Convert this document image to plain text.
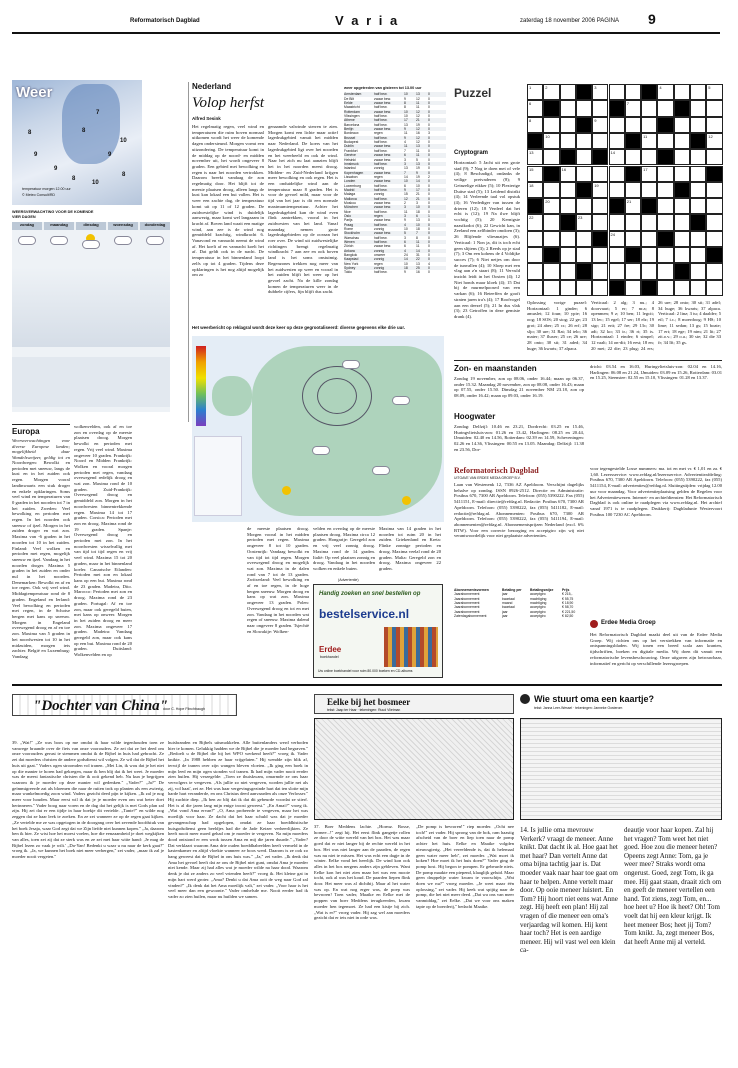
Reformatorisch Dagblad	V a r i a	zaterdag 18 november 2006 PAGINA 9
Weer
7
8	8
9
9
9
10
8
10
8
temperatuur morgen 12.00 uur
© Meteo Consult/RD
WEERSVERWACHTING VOOR DE KOMENDE VIER DAGEN
zondag	maandag	dinsdag	woensdag	donderdag
Nederland
Volop herfst
Alfred Sesink
Het regelmatig regen, veel wind en temperaturen die ruim boven normaal uitkomen wordt het weer de komende dagen ondersteund. Morgen vormt een uitzondering. De temperatuur komt in de middag op de noord- en midden november uit, het wordt ongeveer 8 graden. Een gebied met bewolking en regen is naar het noorden vertrokken. Daarom breekt vandaag de zon regelmatig door. Het blijft tot de meeste plaatsen droog, alleen langs de kust kan lokaal een bui vallen. Het is weer een zachte dag, de temperatuur komt uit op 11 of 12 graden. De zuidwestelijke wind is duidelijk aanwezig, maar komt wel langzaam in kracht af. Boven land waait een matige wind, aan zee is de wind nog gemiddeld krachtig, windkracht 6. Vanavond en vannacht neemt de wind af. Het koelt af en vannacht koelt het af. Dat geldt ook in de nacht. De temperatuur in het binnenland loopt zelfs op tot 4 graden. Tijdens deze opklaringen is het nog altijd mogelijk om zo
genaamde valwinde sterren te zien. Morgen komt een lichte maar actief lagedrukgebied vanuit het midden naar Nederland. De koers van het lagedrukgebied ligt over het noorden en het weerbeeld en ook de wind. Naar het zich nu laat aanzien blijft het in het noorden meest droog. Midden- en Zuid-Nederland krijgen meer bewolking en ook regen. Het is een onduidelijke wind aan de temperatuur maar 8 graden. Het is voor de gevoel mild, maar voor de tijd van het jaar is dit een normale maximumtemperatuur. Achter het lagedrukgebied kan de wind even flink aantrekken, vooral in het zuidwesten van het land. Vanaf maandag nemen grote lagedrukgebieden op de oceaan het roer over. De wind uit zuidwestelijke richtingen brengt regelmatig windkracht 7 aan zee en ook boven land is het soms onstuimig. Regenzones trekken nog meer van het zuidwesten op weer en vooral in het zuiden blijft het weer op het gevoel zacht. Na de kille zondag komen de temperaturen weer in de dubbele cijfers, fijn blijft dus zacht.
weer opgetreden van gisteren tot 13.00 uur
Amsterdam	half bew.	10	13	0
De Bilt	zwaar bew.	9	12	0
Eelde	zwaar bew.	8	11	0
Maastricht	half bew.	8	11	0
Rotterdam	zwaar bew.	10	12	0
Vlissingen	half bew.	10	12	0
Athene	half bew.	17	21	0
Barcelona	half bew.	13	19	0
Berlijn	zwaar bew.	9	12	0
Bordeaux	regen	11	16	3
Brussel	half bew.	9	12	0
Budapest	half bew.	4	12	0
Dublin	zwaar bew.	11	13	0
Frankfort	half bew.	7	11	0
Genève	zwaar bew.	6	11	0
Helsinki	zwaar bew.	3	5	0
Innsbruck	half bew.	3	13	0
Istanbul	zonnig	13	19	0
Kopenhagen	zwaar bew.	7	9	0
Lissabon	regen	14	19	2
Londen	zwaar bew.	10	14	0
Luxemburg	half bew.	6	10	0
Madrid	half bew.	9	17	0
Malaga	zonnig	15	21	0
Mallorca	half bew.	12	21	0
Moskou	zwaar bew.	2	3	0
München	zwaar bew.	3	10	0
Nice	half bew.	11	18	0
Oslo	regen	3	6	1
Parijs	zwaar bew.	9	13	0
Praag	half bew.	4	10	0
Rome	zonnig	10	18	0
Stockholm	zwaar bew.	5	7	0
Warschau	half bew.	3	8	0
Wenen	half bew.	6	11	0
Zürich	zwaar bew.	6	11	0
Ankara	zonnig	4	14	0
Bangkok	onweer	24	31	0
Kaapstad	zonnig	14	22	0
New York	regen	10	13	4
Sydney	zonnig	18	25	0
Tokio	half bew.	9	16	0
Het weerbericht op reklagral wordt deze keer op deze gegrootaliseerd: diverse gegevens elke drie uur.
Europa
Weersverwachtingen voor diverse Europese landen; mogelijkheid daar Wandelsweijzer, geldig tot en
Noordwegen: Bewolkt en perioden met sneeuw, langs de kust en in het zuiden ook regen. Morgen vooral landinwaarts een stuk droger en enkele opklaringen. Soms veel wind en temperaturen van 0 graden in het noorden tot 7 in het zuiden. Zweden: Veel bewolking en perioden met regen. In het noorden ook sneeuw of ijzel. Morgen in het zuiden droger en wat zon. Maxima van -6 graden in het noorden tot 10 in het zuiden. Finland: Veel wolken en perioden met regen, mogelijk sneeuw en ijzel. Vandaag in het noorden droger. Maxima 5 graden in het zuiden en onder nul in het noorden. Denemarken: Bewolkt en af en toe regen. Ook vrij veel wind. Middagtemperatuur rond de 8 graden. Engeland en Ierland: Veel bewolking en perioden met regen, in de Schotse bergen met kans op sneeuw. Morgen in Engeland overwegend droog en af en toe zon. Maxima van 5 graden in het noordwesten tot 10 in het midzuiden, morgen iets zachter. België en Luxemburg: Vandaag
wolkenvelden, ook af en toe zon en overdag op de meeste plaatsen droog. Morgen bewolkt en perioden met regen. Vrij veel wind. Maxima ongeveer 10 graden. Frankrijk: Noord en Midden Frankrijk: Wolken en vooral morgen perioden met regen, vandaag overwegend redelijk droog en wat zon. Maxima rond de 10 graden. Zuid-Frankrijk: Overwegend droog en gemiddeld zon. Morgen in het noordwesten binnentrekkende regen. Maxima 14 tot 17 graden. Corsica: Perioden met zon en droog. Maxima rond de 19 graden. Spanje: Overwegend droog en perioden met zon. In het noordwesten wisselvallig met van tijd tot tijd regen en vrij veel wind. Maxima 15 tot 20 graden, maar in het binnenland koeler. Canarische Eilanden: Perioden met zon en lokaal kans op een bui. Maxima rond de 23 graden. Madeira, Dito. Marocco: Perioden met zon en droog. Maxima rond de 23 graden. Portugal: Af en toe zon, maar ook geregeld buien, met kans op onweer. Morgen in het zuiden droog en meer zon. Maxima ongeveer 17 graden. Madeira: Vandaag geregeld zon, maar ook kans op een bui. Maxima rond de 20 graden. Duitsland: Wolkenvelden en op
de meeste plaatsen droog. Morgen vooral in het midden perioden met regen. Maxima ongeveer 8 tot 10 graden. Oostenrijk: Vandaag bewolkt en van tijd tot tijd regen. Morgen overwegend droog en mogelijk wat zon. Maxima in de dalen rond van 7 tot de 13 graden. Zwitserland: Veel bewolking en af en toe regen, in de hoge bergen sneeuw. Morgen droog en kans op wat zon. Maxima ongeveer 13 graden. Polen: Overwegend droog en tot en met zon. Vandaag in het noorden wat regen of sneeuw. Maxima dalend naar ongeveer 8 graden. Tsjechië en Slowakije: Wolken-
velden en overdag op de meeste plaatsen droog. Maxima circa 12 graden. Hongarije: Geregeld zon en vrij veel zonnig droog. Maxima rond de 14 graden. Italië: Op veel plaatsen zonnig en droog. Vandaag in het noorden wolken en enkele buien.
Maxima van 14 graden in het noorden tot ruim 20 in het zuiden. Griekenland en Kreta: Flinke zonnige perioden en droog. Maxima veelal rond de 20 graden. Malta: Geregeld zon en droog. Maxima ongeveer 22 graden.
(Advertentie)
Handig zoeken en snel bestellen op
bestelservice.nl
Erdee
boekhandel
Uw online boekhandel voor ruim 80.000 boeken en CD-albums
Puzzel	1	2	3	4	5
6	7
8	9
10	11	12
13	14
15	16	17
18	19
20	21
22	23
24
Cryptogram
Horizontaal: 5 Jacht uit een grote stad (9); 7 Nog te doen met of vele (4); 8 Beschadigd, ondanks de veilige pretvaderen (8); 9 Geinzelige eikker (5); 10 Plezierige Duitse stad (5); 13 Leidend distrikt (4); 14 Verleende taal vol opstuk (4); 16 Verdediger van tussen de drieren (12); 18 Verdeel dat het echt is (12); 19 Na ilwe blijft vochtig (5); 20 Kernigste naastkodot (6); 22 Gewicht kan, in Zeeland een zelfbinder omdoen (3); 26 Blijfende vliesmatjes (6). Verticaal: 1 Non ja, dit is toch echt geen slijtens (3); 2 Reeds op je stad (7); 3 Om een kohens de 4 Voldijke succes (7); 6 Niet netjes om door de tunvallen (4); 10 Sloep met een vlag aan z'n staart (8); 11 Vervuld inzicht leidt in het Oosten (4); 12 Niet honds maar kloek (4); 15 Dat bij de murmelpoosed van een varkan (6); 16 Beteeffen de gooft straten jaren tra's (4); 17 Roofvogel aan een deezel (5); 21 In dus vlak (3); 23 Getroffen in deze gemiste drank (4).
Oplossing vorige puzzel: Horizontaal: 1 ginder; 6 amuslet; 12 foun; 10 ypie; 16 oog; 18 SOS; 20 stog; 22 ge; 23 grot; 24 aber; 25 cr.; 26 erf; 28 sljo; 30 ure; 31 Rat; 34 ielo; 36 mater; 37 fluxer; 25 ce; 26 ure; 28 onto; 30 sti; 31 aded; 34 huge; 36 kwarts; 37 alpaca.
Verticaal: 2 alg; 3 nu.; 4 doorvaart; 5 er; 7 nr.a; 8 openmen; 9 z; 10 ben; 11 legcit; 13 lec; 15 egel; 17 ser; 18 elz; 19 sigr; 21 ertt; 27 fre; 29 13c; 30 adt; 32 ko; 33 ir.; 36 rt; 35 is. Horizontaal: 1 einder; 6 simpel; 12 vaalt; 14 on-dit; 16 eest; 18 en; 20 mei; 22 die; 23 plug; 24 ers; 26 ure; 28 onto; 30 sti; 31 adel; 34 huge; 36 kwarts; 37 alpaca. Verticaal: 2 linz; 3 tu; 4 daalder; 5 eil; 7 i.c.; 8 moerdoog; 9 HS; 10 lime; 11 sedan; 13 gs; 15 boate; 17 ert; 18 ege; 19 nim; 21 lit; 27 zit.o.v.; 29 o.a.; 30 ste; 32 die 33 fr; 34 Ift; 35 gs.
Zon- en maanstanden
Zondag 19 november, zon op 08.06, onder 16.44; maan op 06.37, onder 15.32. Maandag 20 november, zon op 08.08, onder 16.43; maan op 07.55, onder 15.50. Dinsdag 21 november NM 23.18, zon op 08.09, onder 16.42; maan op 09.03, onder 16.19.
dricht: 03.54 en 16.03, Huringvlietsluis-zon: 02.04 en 14.16, Harlingen: 06.08 en 21.24, IJmuiden: 03.09 en 15.26, Rotterdam: 03.01 en 15.25, Steenstee: 02.55 en 15.10, Vlissingen: 01.28 en 13.37.
Hoogwater
Zondag: Delfzijl: 10.46 en 23.21, Dordrecht: 03.25 en 15.46, Huringvlietsluis-zon: 01.26 en 13.42, Harlingen: 08.25 en 20.44, IJmuiden: 02.40 en 14.56, Rotterdam: 02.39 en 14.59, Scheveningen: 02.26 en 14.36, Vlissingen: 00.55 en 13.05. Maandag: Delfzijl: 11.38 en 23.56, Dor-
Reformatorisch Dagblad
UITGAVE VAN ERDEE MEDIA GROEP B.V.
Laan van Westenenk 12, 7336 AZ Apeldoorn. Verschijnt dagelijks behalve op zondag. ISSN 0926-2512. Directie en Administratie: Postbus 670, 7300 AR Apeldoorn. Telefoon: (055) 5390222. Fax (055) 5411151, E-mail: directie@refdag.nl. Redactie: Postbus 670, 7300 AR Apeldoorn. Telefoon: (055) 5390222, fax (055) 5411182, E-mail: redactie@refdag.nl. Abonnementen: Postbus 670, 7300 AR Apeldoorn. Telefoon: (055) 5390222, fax (055) 5411194, E-mail: abonnementen@refdag.nl. Abonnementsprijzen Nederland (excl. 6% BTW). Voor een correcte bezorging en acceptgiro zijn wij niet verantwoordelijk voor niet geplaatste advertenties.
Abonnementsvormen	Betaling per	Betalingswijze	Prijs
Jaarabonnement	jaar	acceptgiro	€ 215,-
Jaarabonnement	kwartaal	machtiging	€ 55,75
Jaarabonnement	maand	machtiging	€ 18,90
Jaarabonnement	kwartaal	acceptgiro	€ 58,70
Jaarabonnement	jaar	acceptgiro	€ 221,50
Zaterdagabonnement	jaar	acceptgiro	€ 82,50
voor tegengestelde Losse nummers: ma. tot en met vr. € 1,01 en za. € 1,60. Lezersservice: www.refdag.nl/lezersservice. Advertentieafdeling: Postbus 670, 7300 AR Apeldoorn. Telefoon: (055) 5390222, fax (055) 5411154, E-mail: advertenties@refdag.nl. Sluitingstijden: vrijdag 12.00 uur voor maandag. Voor advertentieplaatsing gelden de Regelen voor het Advertentiewezen. Internet- en archiefdiensten: Het Reformatorisch Dagblad is ook online te raadplegen via www.refdag.nl. Het archief vanaf 1971 is te raadplegen. Drukkerij: Dagbladunie Westervoort Postbus 100 7230 AC Apeldoorn.
Erdee Media Groep
Het Reformatorisch Dagblad maakt deel uit van de Erdee Media Groep. Wij richten ons op het verstrekken van informatie en ontspanningsbladen. Wij tonen een breed scala aan kranten, tijdschriften, boeken en digitale media. Wij doen dit vanuit een reformatorische levensbeschouwing. Onze uitgaven zijn betrouwbaar, informatief en gericht op verschillende lezersgroepen.
"Dochter van China"
door C. Hope Flinchbaugh
39. „Wat!" „Ze was boos op me omdat ik haar wilde tegenhouden toen ze vanwege braande over de fiets van onze voorouders. Ze zei dat ze het deed om onze voorouders gerust te stemmen omdat ik de Bijbel in huis had gebracht. Ze zei dat moeders christen de andere godsdienst wil volgen. Ze wil dat de Bijbel het huis uit gaat." Vaders ogen stroomden vol tranen. „Mei Lin, ik wou dat je het niet op die manier te horen had gekregen, maar ik ben blij dat ik het weet. Je moeder was de meest fantastische christen die ik ooit gekend heb. Nu kun je begrijpen waarom ik je moeder op deze manier wil gedenken." „Vader?" „Ja?" De geïmmigreerde zat als bloemen die naar de ruiten trok op planten als een zwierig, maar wankelmoedig zoon wind. Vaders gezicht deed pijn te kijken. „Ik zal je nog meer voor houden. Maar eerst wil ik dat je je moeder even om wat beter doet herinneren." Vader boog naar voren en de dag dat het gelijk is met Gods plan zal zijn. Hij zei dat er een tijdje in haar boekje dit vertelde. „Tante?" en wilde nog zeggen dat ze haar leek te zoeken. En ze zei wanneer ze op de regen gaat kijken. „Ze vertelde me ze was opgetogen in de doorgang over het zevende hoofdstuk van het boek Jesaja, waar God zegt dat we Zijn liefde niet kunnen kopen." „Ja, daarom ben ik hier. Ze wist hoe het moest voelen, hoe die eenzaamheid je doet wegkijken van alles, toen zei zij dat ze sterk was en ze zei met haar witte hand: ‚Je mag de Bijbel lezen zo vaak je wilt.' „Da-Yan! Bedenkt u waar u nu naar de kerk gaat?" vroeg ik. „Ja, we kunnen het boek niet meer verbergen," zei vader, „maar ik zal je moeder nooit vergeten."
huisbranden en Bijbels uitsmokkelen. Alle buitenlanders werd verboden hier te komen. Gelukkig hadden we de Bijbel die je moeder had begraven." „Bedoelt u de Bijbel die bij het WPO werkend heeft?" vroeg ik. Vader knikte. „In 1988 hebben ze haar vrijgelaten." Hij wendde zijn blik af, terwijl de tranen over zijn wangen bleven vloeien. „Ik ging een boek in mijn leed en mijn ogen stonden vol tranen. Ik had mijn vader nooit eerder zien huilen. Hij verzegelde: „Toen ze thuiskwam, omarmde ze ons haar vervolgers te vergeven. ‚Als jullie zo niet vergeven, worden jullie net als zij, vol haat', zei ze. Het was haar vergevingsgezinde hart dat ten slotte mijn harde hart veranderde, en ons Christus deed aanvaarden als onze Verlosser." Hij zuchtte diep. „Ik ben zo blij dat ik dat dit gebeurde voordat ze stierf. Het is al die jaren lang mijn enige troost geweest." „En Amai?" vroeg ik. „Wat vond Ama ervan?" „O, Ama probeerde te vergeven, maar het was moeilijk voor haar. Ze dacht dat het haar schuld was dat je moeder gevangenschap had opgelopen, omdat ze haar boeddhistische huisgodsdienst geen beeldjes had die de Jade Keizer verheerlijkten. Ze heeft nooit meer moed gehad om je moeder te vergeven. Na mijn moeders dood ontstond er een wrok tussen Ama en mij die jaren duurde." „Vader? Dat verklaart waarom Ama drie ouden boeddhabeelden heeft vermeld in de kastenkamer en altijd vloekte wanneer ze boos werd. Daarom is ze ook zo bang geweest dat de Bijbel in ons huis was." „Ja," zei vader. „Ik denk dat Ama het gevoel heeft dat ze ons de Bijbel niet gunt, omdat Ama je moeder niet kende. Maar zij had alles wat je moeder wilde na haar dood. Waarom denk je dat ze anders zo veel vrienden heeft?" vroeg ik. Het kleine gat in mijn hart werd groter. „Ama? Denkt u dat Ama ooit de weg naar God zal vinden?" „Ik denk dat het Ama moeilijk valt," zei vader. „Voor haar is het veel meer dan een gewoonte." Vader omhelsde me. Nooit eerder had ik vader zo zien huilen, maar nu huilden we samen.
Eelke bij het bosmeer
tekst: Jaap ter Haar · tekeningen: Ruud Vlietman
37. Boer Meddens lachte. „Hormz. Bosse, hornee...!" zegt hij. Het eerst flink gangetje rollen ze door de witte wereld van het bos. Het was maar goed dat er niet langer bij de rechte wereld in het bos. Het was niet langer aan de paarden, de regen was nu niet te missen. Het was echt een dagje in de winter. Eelke vond het heerlijk. De wind kon ook alles in het bos nergens anders zijn gebleven. Want Eelke kon het niet zien maar het was een mooie tocht, ook al was het koud. De paarden liepen flink door. Het meer was al dichtbij. Maar al het water was op. En wat nog erger was, de poep was bevroren! Toen vader, Maaike en Eelke met de poppen van boer Meddens terugkeerden, kwam moeder hen tegemoet. Ze had een kistje bij zich. „Wat is er?" vroeg vader. Hij zag wel aan moeders gezicht dat er iets niet in orde was.
„De pomp is bevroren!" riep moeder. „Ocht nee toch!" zei vader. Hij sprong van de bok, ram haastig afscheid van de boer en liep toen naar de pomp achter het huis. Eelke en Maaike volgden nieuwsgierig. „Het vereeldende is, dat ik helemaal geen water meer heb", zei moeder. „Wat moet ik koken? Hoe moet ik het huis doen?" Vader ging de pomp host. Hij begon te pompen. Er gebeurde niets. De pomp maakte een piepend, klaaglijk geluid. Maar geen druppeltje water kwam te voorschijn. „Wat doen we nu?" vroeg moeder. „Je weet maar één oplossing," zei vader. Hij keek wat spijtig naar de pomp, die het niet meer deed. „Dat wa ons van meer vanmiddag," zei Eelke. „Dat we voor ons maken tapte op de boerderij," bedacht Maaike.
Wie stuurt oma een kaartje?
tekst: Janna Leer-Wessel · tekeningen: Janneke Oosterom
14. Is jullie oma mevrouw Verkerk? vraagt de meneer. Anne knikt. Dat dacht ik al. Hoe gaat het met haar? Dan vertelt Anne dat oma bijna tachtig jaar is. Dat moeder vaak naar haar toe gaat om haar te helpen. Anne vertelt maar door. Op ooie meneer luistert. En Tom? Hij hoort niet eens wat Anne zegt. Hij heeft een plan! Hij zal vragen of die meneer een oma's verjaardag wil komen. Hij kent haar toch? Het is een aardige meneer. Hij wil vast wel een klein ca-
deautje voor haar kopen. Zal hij het vragen? Tom weet het niet goed. Hoe zou die meneer heten? Opeens zegt Anne: Tom, ga je weer mee? Straks wordt oma ongerust. Goed, zegt Tom, ik ga mee. Hij gaat staan, draait zich om en geeft de meneer vertellen een hand. Tot ziens, zegt Tom, en... hoe heet u? Hoe ik heet? Oh! Tom voelt dat hij een kleur krijgt. Ik heet meneer Bos; heet jij Tom? Tom knikt. Ja, zegt meneer Bos, dat heeft Anne mij al verteld.
